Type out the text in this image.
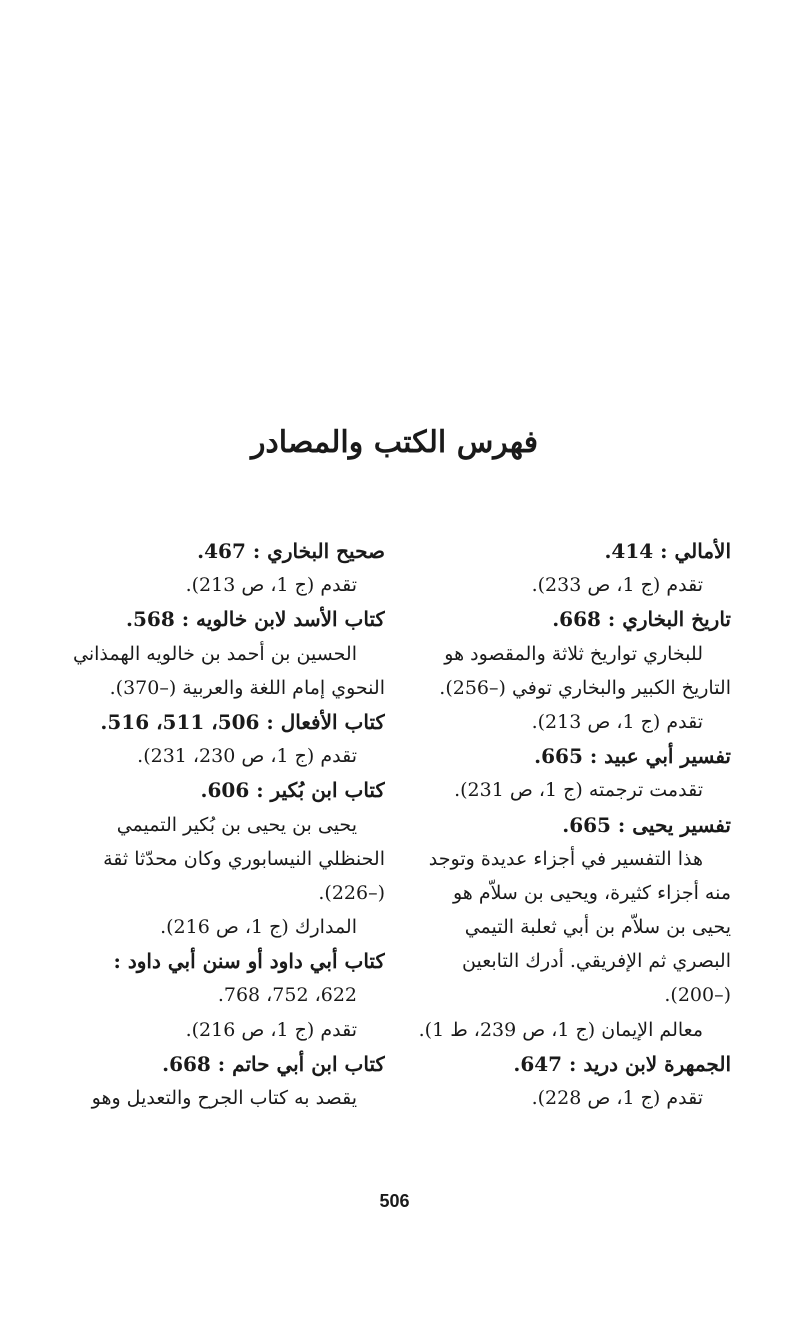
فهرس الكتب والمصادر
الأمالي : 414.
تقدم (ج 1، ص 233).
تاريخ البخاري : 668.
للبخاري تواريخ ثلاثة والمقصود هو
التاريخ الكبير والبخاري توفي (–256).
تقدم (ج 1، ص 213).
تفسير أبي عبيد : 665.
تقدمت ترجمته (ج 1، ص 231).
تفسير يحيى : 665.
هذا التفسير في أجزاء عديدة وتوجد
منه أجزاء كثيرة، ويحيى بن سلاّم هو
يحيى بن سلاّم بن أبي ثعلبة التيمي
البصري ثم الإفريقي. أدرك التابعين
(–200).
معالم الإيمان (ج 1، ص 239، ط 1).
الجمهرة لابن دريد : 647.
تقدم (ج 1، ص 228).
صحيح البخاري : 467.
تقدم (ج 1، ص 213).
كتاب الأسد لابن خالويه : 568.
الحسين بن أحمد بن خالويه الهمذاني
النحوي إمام اللغة والعربية (–370).
كتاب الأفعال : 506، 511، 516.
تقدم (ج 1، ص 230، 231).
كتاب ابن بُكير : 606.
يحيى بن يحيى بن بُكير التميمي
الحنظلي النيسابوري وكان محدّثا ثقة
(–226).
المدارك (ج 1، ص 216).
كتاب أبي داود أو سنن أبي داود :
622، 752، 768.
تقدم (ج 1، ص 216).
كتاب ابن أبي حاتم : 668.
يقصد به كتاب الجرح والتعديل وهو
506
